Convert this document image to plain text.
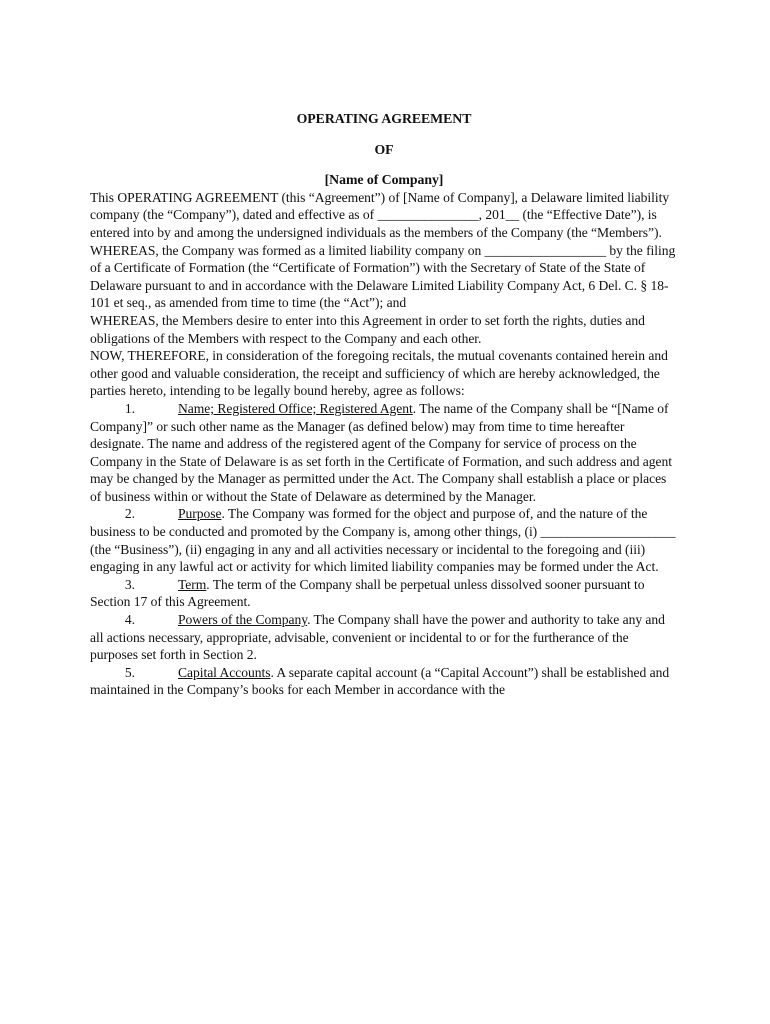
OPERATING AGREEMENT

OF

[Name of Company]

This OPERATING AGREEMENT (this “Agreement”) of [Name of Company], a Delaware limited liability company (the “Company”), dated and effective as of _______________, 201__ (the “Effective Date”), is entered into by and among the undersigned individuals as the members of the Company (the “Members”).

WHEREAS, the Company was formed as a limited liability company on __________________ by the filing of a Certificate of Formation (the “Certificate of Formation”) with the Secretary of State of the State of Delaware pursuant to and in accordance with the Delaware Limited Liability Company Act, 6 Del. C. § 18-101 et seq., as amended from time to time (the “Act”); and

WHEREAS, the Members desire to enter into this Agreement in order to set forth the rights, duties and obligations of the Members with respect to the Company and each other.

NOW, THEREFORE, in consideration of the foregoing recitals, the mutual covenants contained herein and other good and valuable consideration, the receipt and sufficiency of which are hereby acknowledged, the parties hereto, intending to be legally bound hereby, agree as follows:

1.	Name; Registered Office; Registered Agent. The name of the Company shall be “[Name of Company]” or such other name as the Manager (as defined below) may from time to time hereafter designate. The name and address of the registered agent of the Company for service of process on the Company in the State of Delaware is as set forth in the Certificate of Formation, and such address and agent may be changed by the Manager as permitted under the Act. The Company shall establish a place or places of business within or without the State of Delaware as determined by the Manager.

2.	Purpose. The Company was formed for the object and purpose of, and the nature of the business to be conducted and promoted by the Company is, among other things, (i) ____________________ (the “Business”), (ii) engaging in any and all activities necessary or incidental to the foregoing and (iii) engaging in any lawful act or activity for which limited liability companies may be formed under the Act.

3.	Term. The term of the Company shall be perpetual unless dissolved sooner pursuant to Section 17 of this Agreement.

4.	Powers of the Company. The Company shall have the power and authority to take any and all actions necessary, appropriate, advisable, convenient or incidental to or for the furtherance of the purposes set forth in Section 2.

5.	Capital Accounts. A separate capital account (a “Capital Account”) shall be established and maintained in the Company’s books for each Member in accordance with the
